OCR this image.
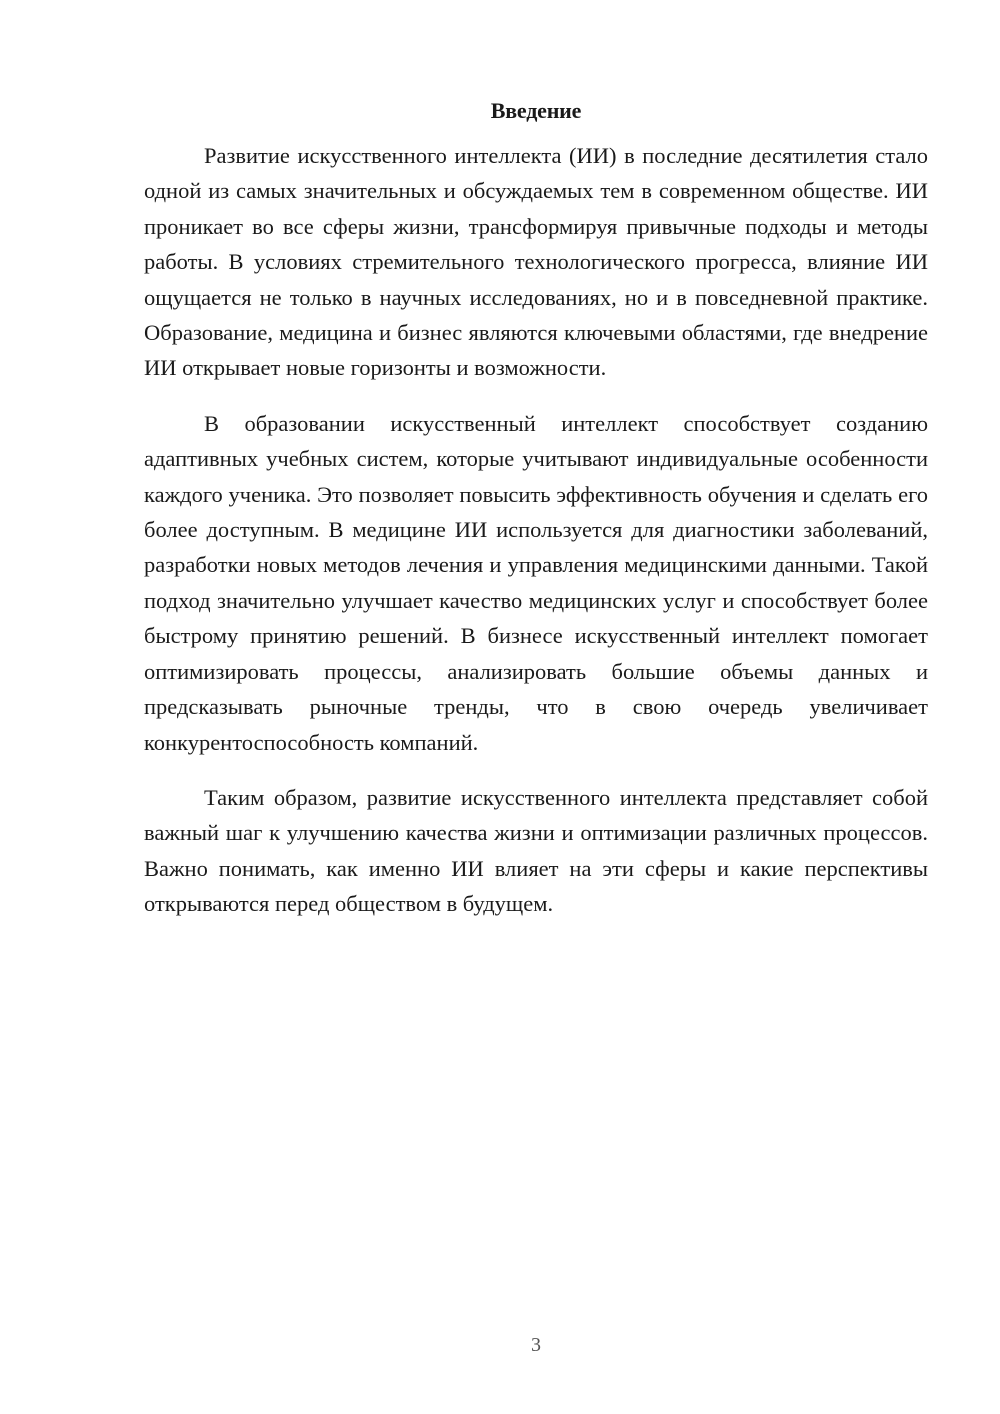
Введение

Развитие искусственного интеллекта (ИИ) в последние десятилетия стало одной из самых значительных и обсуждаемых тем в современном обществе. ИИ проникает во все сферы жизни, трансформируя привычные подходы и методы работы. В условиях стремительного технологического прогресса, влияние ИИ ощущается не только в научных исследованиях, но и в повседневной практике. Образование, медицина и бизнес являются ключевыми областями, где внедрение ИИ открывает новые горизонты и возможности.

В образовании искусственный интеллект способствует созданию адаптивных учебных систем, которые учитывают индивидуальные особенности каждого ученика. Это позволяет повысить эффективность обучения и сделать его более доступным. В медицине ИИ используется для диагностики заболеваний, разработки новых методов лечения и управления медицинскими данными. Такой подход значительно улучшает качество медицинских услуг и способствует более быстрому принятию решений. В бизнесе искусственный интеллект помогает оптимизировать процессы, анализировать большие объемы данных и предсказывать рыночные тренды, что в свою очередь увеличивает конкурентоспособность компаний.

Таким образом, развитие искусственного интеллекта представляет собой важный шаг к улучшению качества жизни и оптимизации различных процессов. Важно понимать, как именно ИИ влияет на эти сферы и какие перспективы открываются перед обществом в будущем.

3
